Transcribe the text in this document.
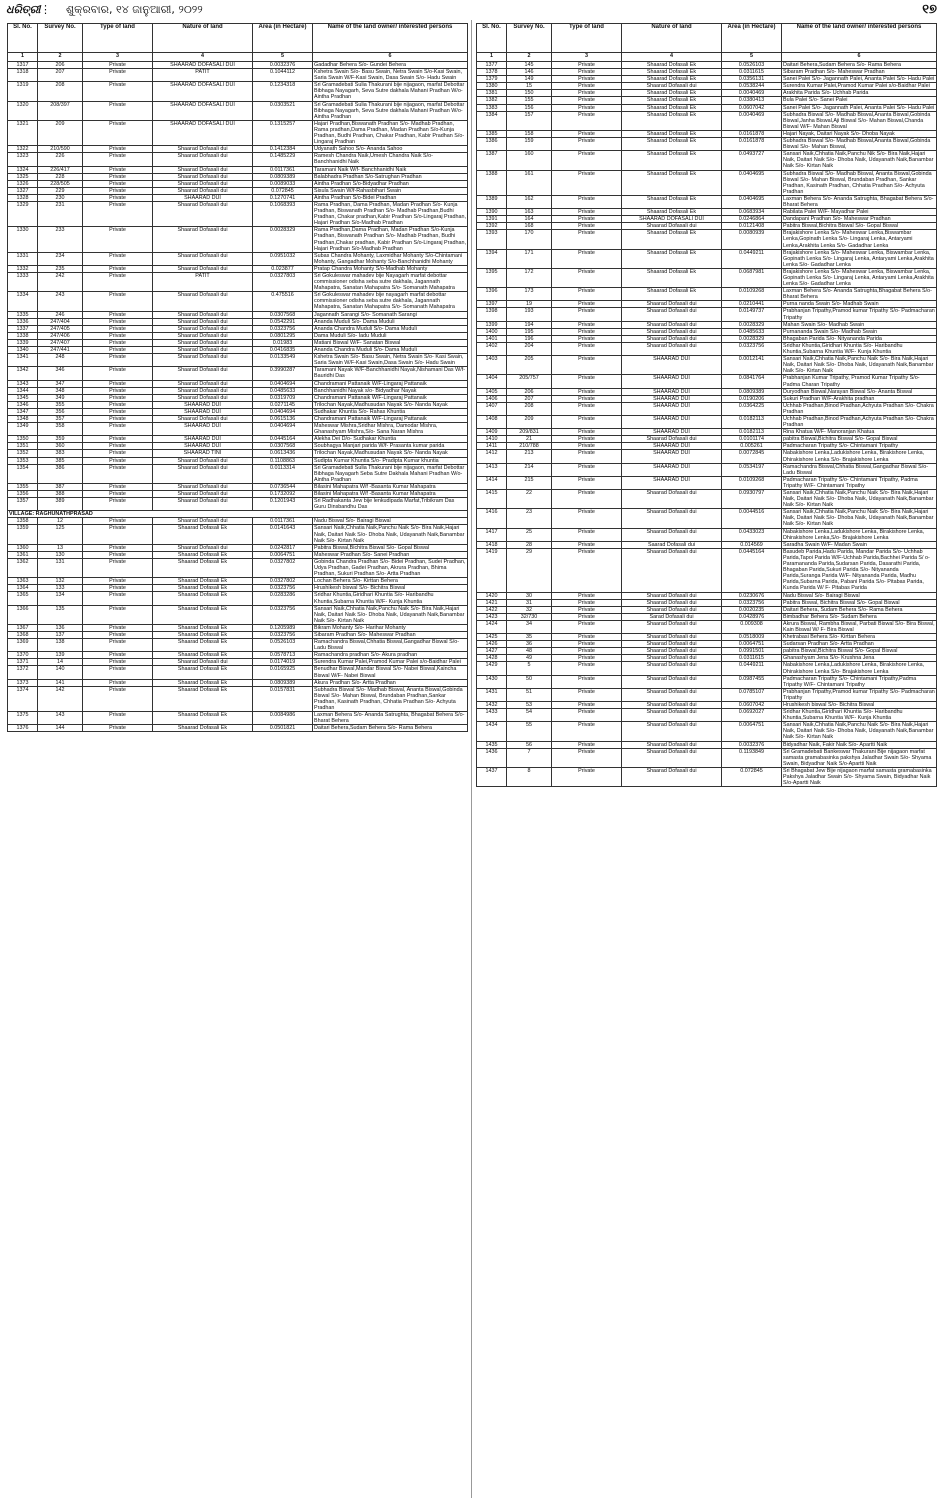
ଧରିତ୍ରୀ ⋮ ଶୁକ୍ରବାର, ୧୪ ଜାନୁଆରୀ, ୨୦୨୨	୧୭
Sl. No.	Survey No.	Type of land	Nature of land	Area (in Hectare)	Name of the land owner/ interested persons
1	2	3	4	5	6
1317	206	Private	SHAARAD DOFASALI DUI	0.0032376	Gadadhar Behera S/o- Gundei Behera
1318	207	Private	PATIT	0.1044112	Kshetra Swain S/o- Basu Swain, Netra Swain S/o-Kasi Swain, Saria Swain W/F-Kasi Swain, Dasa Swain S/o- Hadu Swain
1319	208	Private	SHAARAD DOFASALI DUI	0.1234318	Sri Gramadebati Sulia Thakurani bije nijagaon, marfat Debottar Bibhaga Nayagarh, Seva Sutre dakhala Mahani Pradhan W/o- Aintha Pradhan
1320	208/397	Private	SHAARAD DOFASALI DUI	0.0303521	Sri Gramadebati Sulia Thakurani bije nijagaon, marfat Debottar Bibhaga Nayagarh, Seva Sutre dakhala Mahani Pradhan W/o- Aintha Pradhan
1321	209	Private	SHAARAD DOFASALI DUI	0.1315257	Hajari Pradhan,Biswanath Pradhan S/o- Madhab Pradhan, Rama pradhan,Dama Pradhan, Madan Pradhan S/o-Kunja Pradhan, Budhi Pradhan, Chakar Pradhan, Kabir Pradhan S/o-Lingaraj Pradhan
1322	210/590	Private	Shaarad Dofasali dui	0.1412384	Udyanath Sahoo S/o- Ananda Sahoo
1323	226	Private	Shaarad Dofasali dui	0.1485229	Ramesh Chandra Naik,Umesh Chandra Naik S/o- Banchhanidhi Naik
1324	226/417	Private	Shaarad Dofasali dui	0.0117361	Taramani Naik W/f- Banchhanidhi Naik
1325	228	Private	Shaarad Dofasali dui	0.0809389	Balabhadra Pradhan S/o-Satrughan Pradhan
1326	228/505	Private	Shaarad Dofasali dui	0.0089033	Aintha Pradhan S/o-Bidyadhar Pradhan
1327	229	Private	Shaarad Dofasali dui	0.072845	Sisula Swain W/f-Rahasbihari Swain
1328	230	Private	SHAARAD DUI	0.1270741	Aintha Pradhan S/o-Bidei Pradhan
1329	231	Private	Shaarad Dofasali dui	0.1068393	Rama Pradhan, Dama Pradhan, Madan Pradhan S/o- Kunja Pradhan, Biswanath Pradhan S/o- Madhab Pradhan,Budhi Pradhan, Chakar pradhan,Kabir Pradhan S/o-Lingaraj Pradhan, Hajari Pradhan S/o-Madhab Pradhan
1330	233	Private	Shaarad Dofasali dui	0.0028329	Rama Pradhan,Dama Pradhan, Madan Pradhan S/o-Kunja Pradhan, Biswanath Pradhan S/o- Madhab Pradhan, Budhi Pradhan,Chakar pradhan, Kabir Pradhan S/o-Lingaraj Pradhan, Hajari Pradhan S/o-Madhab Pradhan
1331	234	Private	Shaarad Dofasali dui	0.0951032	Subas Chandra Mohanty, Laxmidhar Mohanty S/o-Chintamani Mohanty, Gangadhar Mohanty S/o-Banchhanidhi Mohanty
1332	235	Private	Shaarad Dofasali dui	0.023877	Pratap Chandra Mohanty S/o-Madhab Mohanty
1333	242	Private	PATIT	0.0327803	Sri Gokuleswar mahadev bije Nayagarh marfat debottar commissioner odisha seba sutre dakhala, Jagannath Mahapatra, Sanatan Mahapatra S/o- Somanath Mahapatra
1334	243	Private	Shaarad Dofasali dui	0.475516	Sri Gokuleswar mahadev bije nayagarh marfat debottar commissioner odisha seba sutre dakhala, Jagannath Mahapatra, Sanatan Mahapatra S/o- Somanath Mahapatra
1335	246	Private	Shaarad Dofasali dui	0.0307568	Jagannath Sarangi S/o- Somanath Sarangi
1336	247/404	Private	Shaarad Dofasali dui	0.0542291	Ananda Muduli S/o- Dama Muduli
1337	247/405	Private	Shaarad Dofasali dui	0.0323756	Ananda Chandra Muduli S/o- Dama Muduli
1338	247/406	Private	Shaarad Dofasali dui	0.0801295	Dama Muduli S/o- Iadu Muduli
1339	247/407	Private	Shaarad Dofasali dui	0.01983	Matiani Biswal W/F- Sanatan Biswal
1340	247/441	Private	Shaarad Dofasali dui	0.0416835	Ananda Chandra Muduli S/o- Dama Muduli
1341	248	Private	Shaarad Dofasali dui	0.0133549	Kshetra Swain S/o- Basu Swain, Netra Swain S/o- Kasi Swain, Saria Swain W/F-Kasi Swain,Dasa Swain S/o- Hadu Swain
1342	346	Private	Shaarad Dofasali dui	0.3990287	Taramani Nayak W/F-Banchhanidhi Nayak,Nishamani Das W/f-Bauridhi Das
1343	347	Private	Shaarad Dofasali dui	0.0404694	Chandramani Pattanaik W/F-Lingaraj Pattanaik
1344	348	Private	Shaarad Dofasali dui	0.0485633	Banchhanidhi Nayak s/o- Bidyadhar Nayak
1345	349	Private	Shaarad Dofasali dui	0.0319709	Chandramani Pattanaik W/F-Lingaraj Pattanaik
1346	355	Private	SHAARAD DUI	0.0271145	Trilochan Nayak,Madhusudan Nayak S/o- Nanda Nayak
1347	356	Private	SHAARAD DUI	0.0404694	Sudhakar Khuntia S/o- Rahas Khuntia
1348	357	Private	Shaarad Dofasali dui	0.0615136	Chandramani Pattanaik W/F-Lingaraj Pattanaik
1349	358	Private	SHAARAD DUI	0.0404694	Maheswar Mishra,Sridhar Mishra, Damodar Mishra, Ghanashyam Mishra,S/o- Sana Naran Mishra
1350	359	Private	SHAARAD DUI	0.0445164	Alekha Dei D/o- Sudhakar Khuntia
1351	360	Private	SHAARAD DUI	0.0307568	Soubhagya Manjari parida W/f- Prasanta kumar parida
1352	383	Private	SHAARAD TINI	0.0613436	Trilochan Nayak,Madhusudan Nayak S/o- Nanda Nayak
1353	385	Private	Shaarad Dofasali dui	0.1108863	Sudipta Kumar Khuntia S/o- Pradipta Kumar khuntia
1354	386	Private	Shaarad Dofasali dui	0.0113314	Sri Gramadebati Sulia Thakurani bije nijagaon, marfat Debottar Bibhaga Nayagarh Seba Sutre Dakhala Mahani Pradhan W/o- Aintha Pradhan
1355	387	Private	Shaarad Dofasali dui	0.0736544	Bilasini Mahapatra W/f -Basanta Kumar Mahapatra
1356	388	Private	Shaarad Dofasali dui	0.1732092	Bilasini Mahapatra W/f -Basanta Kumar Mahapatra
1357	389	Private	Shaarad Dofasali dui	0.1201943	Sri Radhakanta Jew bije lenkudipada Marfat,Tribikram Das Guru Dinsbandhu Das
VILLAGE: RAGHUNATHPRASAD					
1358	12	Private	Shaarad Dofasali dui	0.0117361	Nadu Biswal S/o- Bairagi Biswal
1359	125	Private	Shaarad Dofasali Ek	0.0141643	Sansari Naik,Chhatia Naik,Panchu Naik S/o- Bira Naik,Hajari Naik, Daitari Naik S/o- Dhoba Naik, Udayanath Naik,Banambar Naik S/o- Kirtan Naik
1360	13	Private	Shaarad Dofasali dui	0.0242817	Pabitra Biswal,Bichitra Biswal S/o- Gopal Biswal
1361	130	Private	Shaarad Dofasali Ek	0.0064751	Maheswar Pradhan S/o- Sanei Pradhan
1362	131	Private	Shaarad Dofasali Ek	0.0327802	Gobinda Chandra Pradhan S/o- Bidei Pradhan, Sudei Pradhan, Udya Pradhan, Gadei Pradhan, Akrura Pradhan, Bhima Pradhan, Sukuri Pradhan S/o- Artta Pradhan
1363	132	Private	Shaarad Dofasali Ek	0.0327802	Lochan Behera S/o- Kirttan Behera
1364	133	Private	Shaarad Dofasali Ek	0.0323756	Hrushikesh biswal S/o- Bichitra Biswal
1365	134	Private	Shaarad Dofasali Ek	0.0283286	Sridhar Khuntia,Giridhari Khuntia S/o- Haribandhu Khuntia,Subarna Khuntia W/F- Kunja Khuntia
1366	135	Private	Shaarad Dofasali Ek	0.0323756	Sansari Naik,Chhatia Naik,Panchu Naik S/o- Bira Naik,Hajari Naik, Daitari Naik S/o- Dhoba Naik, Udayanath Naik,Banambar Naik S/o- Kirtan Naik
1367	136	Private	Shaarad Dofasali Ek	0.1205989	Bikram Mohanty S/o- Harihar Mohanty
1368	137	Private	Shaarad Dofasali Ek	0.0323756	Sibaram Pradhan S/o- Maheswar Pradhan
1369	138	Private	Shaarad Dofasali Ek	0.0526103	Ramachandra Biswal,Chhatia Biswal,Gangadhar Biswal S/o- Ladu Biswal
1370	139	Private	Shaarad Dofasali Ek	0.0578713	Ramachandra pradhan S/o- Akura pradhan
1371	14	Private	Shaarad Dofasali dui	0.0174019	Surendra Kumar Palei,Pramod Kumar Palei s/o-Baidhar Palei
1372	140	Private	Shaarad Dofasali Ek	0.0165925	Benudhar Biswal,Mandar Biswal S/o- Nabei Biswal,Kaincha Biswal W/F- Nabei Biswal
1373	141	Private	Shaarad Dofasali Ek	0.0809389	Akura Pradhan S/o- Artta Pradhan
1374	142	Private	Shaarad Dofasali Ek	0.0157831	Subhadra Biswal S/o- Madhab Biswal, Ananta Biswal,Gobinda Biswal S/o- Mahan Biswal, Brundaban Pradhan,Sankar Pradhan, Kasinath Pradhan, Chhatia Pradhan S/o- Achyuta Pradhan
1375	143	Private	Shaarad Dofasali Ek	0.0084986	Laxman Behera S/o- Ananda Satrughta, Bhagabat Behera S/o- Bharat Behera
1376	144	Private	Shaarad Dofasali Ek	0.0501821	Daitari Behera,Sudam Behera S/o- Rama Behera
Sl. No.	Survey No.	Type of land	Nature of land	Area (in Hectare)	Name of the land owner/ interested persons
1	2	3	4	5	6
1377	145	Private	Shaarad Dofasali Ek	0.0526103	Daitari Behera,Sudam Behera S/o- Rama Behera
1378	146	Private	Shaarad Dofasali Ek	0.0311615	Sibaram Pradhan S/o- Maheswar Pradhan
1379	149	Private	Shaarad Dofasali Ek	0.0356131	Sanei Palei S/o- Jagannath Palei, Ananta Palei S/o- Hadu Palei
1380	15	Private	Shaarad Dofasali dui	0.0538244	Surendra Kumar Palei,Pramod Kumar Palei s/o-Baidhar Palei
1381	150	Private	Shaarad Dofasali Ek	0.0040469	Arakhita Parida S/o- Uchhab Parida
1382	155	Private	Shaarad Dofasali Ek	0.0380413	Bula Palei S/o- Sanei Palei
1383	156	Private	Shaarad Dofasali Ek	0.0607042	Sanei Palei S/o- Jagannath Palei, Ananta Palei S/o- Hadu Palei
1384	157	Private	Shaarad Dofasali Ek	0.0040469	Subhadra Biswal S/o- Madhab Biswal,Ananta Biswal,Gobinda Biswal,Janha Biswal,Aji Biswal S/o- Mahan Biswal,Chanda Biswal W/F- Mahan Biswal
1385	158	Private	Shaarad Dofasali Ek	0.0161878	Hajari Nayak, Daitari Nayak S/o- Dhoba Nayak
1386	159	Private	Shaarad Dofasali Ek	0.0161878	Subhadra Biswal S/o- Madhab Biswal,Ananta Biswal,Gobinda Biswal S/o- Mahan Biswal,
1387	160	Private	Shaarad Dofasali Ek	0.0493727	Sansari Naik,Chhatia Naik,Panchu Nik S/o- Bira Naik,Hajari Naik, Daitari Naik S/o- Dhoba Naik, Udayanath Naik,Banambar Naik S/o- Kirtan Naik
1388	161	Private	Shaarad Dofasali Ek	0.0404695	Subhadra Biswal S/o- Madhab Biswal, Ananta Biswal,Gobinda Biswal S/o- Mahan Biswal, Brundaban Pradhan, Sankar Pradhan, Kasinath Pradhan, Chhatia Pradhan S/o- Achyuta Pradhan
1389	162	Private	Shaarad Dofasali Ek	0.0404695	Laxman Behera S/o- Ananda Satrughta, Bhagabat Behera S/o- Bharat Behera
1390	163	Private	Shaarad Dofasali Ek	0.0683934	Rabilata Palei W/F- Mayadhar Palei
1391	164	Private	SHAARAD DOFASALI DUI	0.0246864	Dandapani Pradhan S/o- Maheswar Pradhan
1392	168	Private	Shaarad Dofasali dui	0.0121408	Pabitra Biswal,Bichitra Biswal S/o- Gopal Biswal
1393	170	Private	Shaarad Dofasali Ek	0.0080939	Brajakishore Lenka S/o- Maheswar Lenka,Biswambar Lenka,Gopinath Lenka S/o- Lingaraj Lenka, Antaryami Lenka,Arakhita Lenka S/o- Gadadhar Lenka
1394	171	Private	Shaarad Dofasali Ek	0.0449211	Brajakishore Lenka S/o- Maheswar Lenka, Biswambar Lenka, Gopinath Lenka S/o- Lingaraj Lenka, Antaryami Lenka,Arakhita Lenka S/o- Gadadhar Lenka
1395	172	Private	Shaarad Dofasali Ek	0.0687981	Brajakishore Lenka S/o- Maheswar Lenka, Biswambar Lenka, Gopinath Lenka S/o- Lingaraj Lenka, Antaryami Lenka,Arakhita Lenka S/o- Gadadhar Lenka
1396	173	Private	Shaarad Dofasali Ek	0.0109268	Laxman Behera S/o- Ananda Satrughta,Bhagabat Behera S/o- Bharat Behera
1397	19	Private	Shaarad Dofasali dui	0.0210441	Purna nanda Swain S/o- Madhab Swain
1398	193	Private	Shaarad Dofasali dui	0.0149737	Prabhanjan Tripathy,Pramod kumar Tripathy S/o- Padmacharan Tripathy
1399	194	Private	Shaarad Dofasali dui	0.0028329	Mahan Swain S/o- Madhab Swain
1400	195	Private	Shaarad Dofasali dui	0.0485633	Purnananda Swain S/o- Madhab Swain
1401	196	Private	Shaarad Dofasali dui	0.0028329	Bhagaban Parida S/o- Nityananda Parida
1402	204	Private	Shaarad Dofasali dui	0.0323756	Sridhar Khuntia,Giridhari Khuntia S/o- Haribandhu Khuntia,Subarna Khuntia W/F- Kunja Khuntia
1403	205	Private	SHAARAD DUI	0.0012141	Sansari Naik,Chhatia Naik,Panchu Naik S/o- Bira Naik,Hajari Naik, Daitari Naik S/o- Dhoba Naik, Udayanath Naik,Banambar Naik S/o- Kirtan Naik
1404	205/757	Private	SHAARAD DUI	0.0841764	Prabhanjan Kumar Tripathy, Pramod Kumar Tripathy S/o- Padma Charan Tripathy
1405	206	Private	SHAARAD DUI	0.0809389	Duryodhan Biswal,Narayan Biswal S/o- Ananta Biswal
1406	207	Private	SHAARAD DUI	0.0190206	Sukuri Pradhan W/F-Arakhita pradhan
1407	208	Private	SHAARAD DUI	0.0364225	Uchhab Pradhan,Binod Pradhan,Achyuta Pradhan S/o- Chakra Pradhan
1408	209	Private	SHAARAD DUI	0.0182113	Uchhab Pradhan,Binod Pradhan,Achyuta Pradhan S/o- Chakra Pradhan
1409	209/831	Private	SHAARAD DUI	0.0182113	Rina Khatua W/F- Manoranjan Khatua
1410	21	Private	Shaarad Dofasali dui	0.0101174	pabitra Biswal,Bichitra Biswal S/o- Gopal Biswal
1411	210/788	Private	SHAARAD DUI	0.005261	Padmacharan Tripathy S/o- Chintamani Tripathy
1412	213	Private	SHAARAD DUI	0.0072845	Nabakishore Lenka,Ladukishore Lenka, Birakishore Lenka, Dhirakishore Lenka S/o- Brajakishore Lenka
1413	214	Private	SHAARAD DUI	0.0534197	Ramachandra Biswal,Chhatia Biswal,Gangadhar Biswal S/o- Ladu Biswal
1414	215	Private	SHAARAD DUI	0.0109268	Padmacharan Tripathy S/o- Chintamani Tripathy, Padma Tripathy W/F- Chintamani Tripathy
1415	22	Private	Shaarad Dofasali dui	0.0930797	Sansari Naik,Chhatia Naik,Panchu Naik S/o- Bira Naik,Hajari Naik, Daitari Naik S/o- Dhoba Naik, Udayanath Naik,Banambar Naik S/o- Kirtan Naik
1416	23	Private	Shaarad Dofasali dui	0.0044516	Sansari Naik,Chhatia Naik,Panchu Naik S/o- Bira Naik,Hajari Naik, Daitari Naik S/o- Dhoba Naik, Udayanath Naik,Banambar Naik S/o- Kirtan Naik
1417	25	Private	Shaarad Dofasali dui	0.0433023	Nabakishore Lenka,Ladukishore Lenka, Birakishore Lenka, Dhirakishore Lenka,S/o- Brajakishore Lenka
1418	28	Private	Saarad Dofasali dui	0.014569	Saradha Swain W/F- Madan Swain
1419	29	Private	Shaarad Dofasali dui	0.0445164	Basudeb Parida,Hadu Parida, Mandar Parida S/o- Uchhab Parida,Tapoi Parida W/F-Uchhab Parida,Bachhei Parida S/ o- Paramananda Parida,Sudarsan Parida, Dasarathi Parida, Bhagaban Parida,Sukuri Parida S/o- Nityananda Parida,Suranga Parida W/F- Nityananda Parida, Madhu Parida,Subarna Parida, Pabani Parida S/o- Pitabas Parida, Kunda Parida W/ F- Pitabas Parida
1420	30	Private	Shaarad Dofasali dui	0.0230676	Nadu Biswal S/o- Bairagi Biswal
1421	31	Private	Shaarad Dofasali dui	0.0323756	Pabitra Biswal, Bichitra Biswal S/o- Gopal Biswal
1422	32	Private	Shaarad Dofasali dui	0.0020235	Daitari Behera, Sudam Behera S/o- Rama Behera
1423	32/730	Private	Sarad Dofasali dui	0.0428976	Bimbadhar Behera S/o- Sudam Behera
1424	34	Private	Shaarad Dofasali dui	0.009308	Akrura Biswal, Rambha Biswal, Parbati Biswal S/o- Bira Biswal, Kain Biswal W/ F- Bira Biswal
1425	35	Private	Shaarad Dofasali dui	0.0518009	Khetrabasi Behera S/o- Kirttan Behera
1426	36	Private	Shaarad Dofasali dui	0.0064751	Sudarsan Pradhan S/o- Artta Pradhan
1427	48	Private	Shaarad Dofasali dui	0.0991501	pabitra Biswal,Bichitra Biswal S/o- Gopal Biswal
1428	49	Private	Shaarad Dofasali dui	0.0311615	Ghanashyam Jena S/o- Krushna Jena
1429	5	Private	Shaarad Dofasali dui	0.0449211	Nabakishore Lenka,Ladukishore Lenka, Birakishore Lenka, Dhirakishore Lenka S/o- Brajakishore Lenka
1430	50	Private	Shaarad Dofasali dui	0.0987455	Padmacharan Tripathy S/o- Chintamani Tripathy,Padma Tripathy W/F- Chintamani Tripathy
1431	51	Private	Shaarad Dofasali dui	0.0785107	Prabhanjan Tripathy,Pramod kumar Tripathy S/o- Padmacharan Tripathy
1432	53	Private	Shaarad Dofasali dui	0.0607042	Hrushikesh biswal S/o- Bichitra Biswal
1433	54	Private	Shaarad Dofasali dui	0.0692027	Sridhar Khuntia,Giridhari Khuntia S/o- Haribandhu Khuntia,Subarna Khuntia W/F- Kunja Khuntia
1434	55	Private	Shaarad Dofasali dui	0.0064751	Sansari Naik,Chhatia Naik,Panchu Naik S/o- Bira Naik,Hajari Naik, Daitari Naik S/o- Dhoba Naik, Udayanath Naik,Banambar Naik S/o- Kirtan Naik
1435	56	Private	Shaarad Dofasali dui	0.0032376	Bidyadhar Naik, Fakir Naik S/o- Apartti Naik
1436	7	Private	Shaarad Dofasali dui	0.1193849	Sri Gramadebati Bankeswar Thakurani Bije nijagaon marfat samasta gramabasinka pakshya Jaladhar Swain S/o- Shyama Swain, Bidyadhar Naik S/o-Apartti Naik
1437	8	Private	Shaarad Dofasali dui	0.072845	Sri Bhagabat Jew Bije nijagaon marfat samasta gramabasinka Pakshya Jaladhar Swain S/o- Shyama Swain, Bidyadhar Naik S/o-Apartti Naik
